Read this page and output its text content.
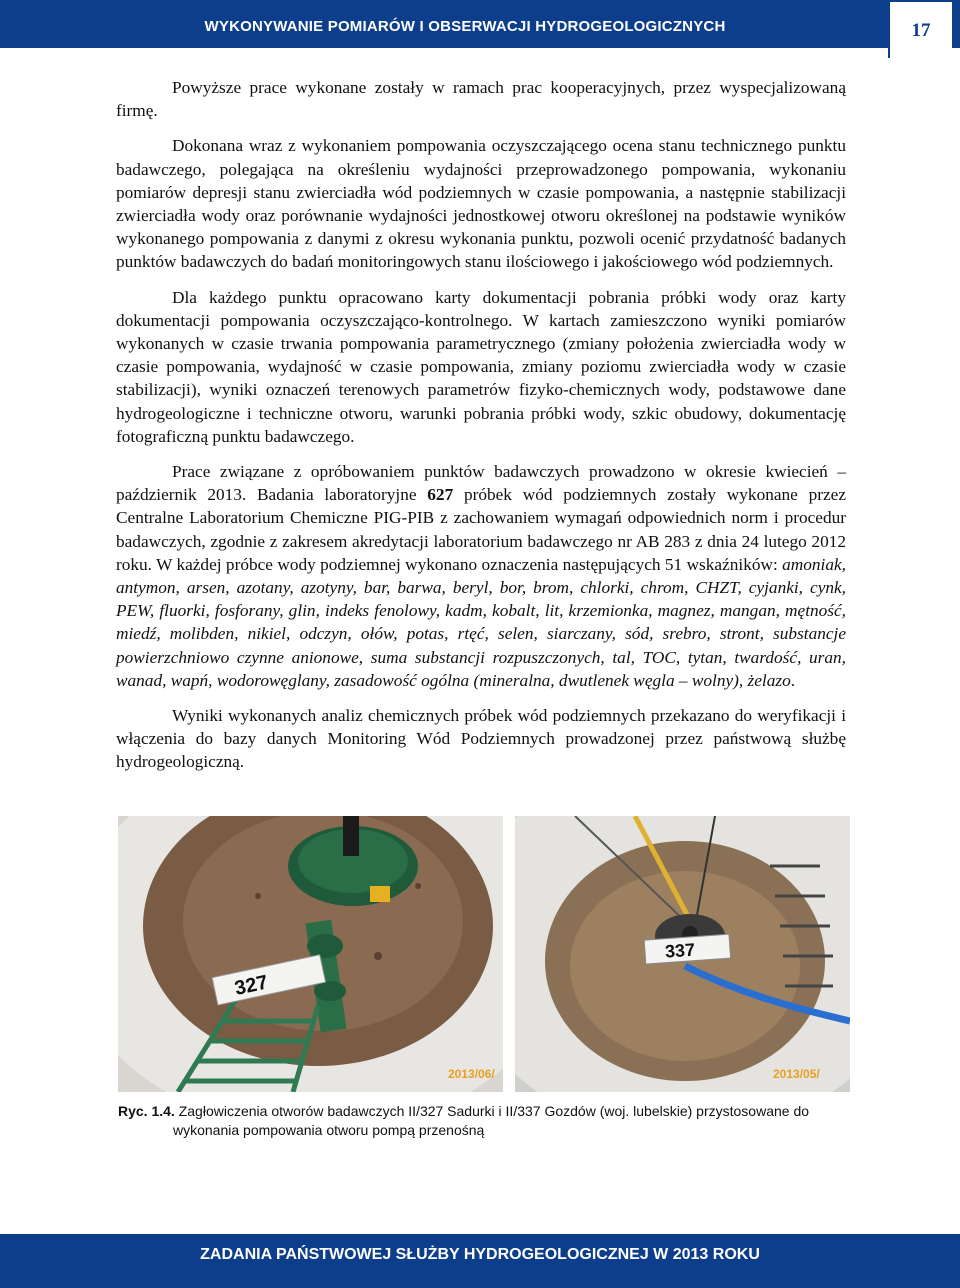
WYKONYWANIE POMIARÓW I OBSERWACJI HYDROGEOLOGICZNYCH	17

Powyższe prace wykonane zostały w ramach prac kooperacyjnych, przez wyspecjalizowaną firmę.

Dokonana wraz z wykonaniem pompowania oczyszczającego ocena stanu technicznego punktu badawczego, polegająca na określeniu wydajności przeprowadzonego pompowania, wykonaniu pomiarów depresji stanu zwierciadła wód podziemnych w czasie pompowania, a następnie stabilizacji zwierciadła wody oraz porównanie wydajności jednostkowej otworu określonej na podstawie wyników wykonanego pompowania z danymi z okresu wykonania punktu, pozwoli ocenić przydatność badanych punktów badawczych do badań monitoringowych stanu ilościowego i jakościowego wód podziemnych.

Dla każdego punktu opracowano karty dokumentacji pobrania próbki wody oraz karty dokumentacji pompowania oczyszczająco-kontrolnego. W kartach zamieszczono wyniki pomiarów wykonanych w czasie trwania pompowania parametrycznego (zmiany położenia zwierciadła wody w czasie pompowania, wydajność w czasie pompowania, zmiany poziomu zwierciadła wody w czasie stabilizacji), wyniki oznaczeń terenowych parametrów fizyko-chemicznych wody, podstawowe dane hydrogeologiczne i techniczne otworu, warunki pobrania próbki wody, szkic obudowy, dokumentację fotograficzną punktu badawczego.

Prace związane z opróbowaniem punktów badawczych prowadzono w okresie kwiecień – październik 2013. Badania laboratoryjne 627 próbek wód podziemnych zostały wykonane przez Centralne Laboratorium Chemiczne PIG-PIB z zachowaniem wymagań odpowiednich norm i procedur badawczych, zgodnie z zakresem akredytacji laboratorium badawczego nr AB 283 z dnia 24 lutego 2012 roku. W każdej próbce wody podziemnej wykonano oznaczenia następujących 51 wskaźników: amoniak, antymon, arsen, azotany, azotyny, bar, barwa, beryl, bor, brom, chlorki, chrom, CHZT, cyjanki, cynk, PEW, fluorki, fosforany, glin, indeks fenolowy, kadm, kobalt, lit, krzemionka, magnez, mangan, mętność, miedź, molibden, nikiel, odczyn, ołów, potas, rtęć, selen, siarczany, sód, srebro, stront, substancje powierzchniowo czynne anionowe, suma substancji rozpuszczonych, tal, TOC, tytan, twardość, uran, wanad, wapń, wodorowęglany, zasadowość ogólna (mineralna, dwutlenek węgla – wolny), żelazo.

Wyniki wykonanych analiz chemicznych próbek wód podziemnych przekazano do weryfikacji i włączenia do bazy danych Monitoring Wód Podziemnych prowadzonej przez państwową służbę hydrogeologiczną.

327
2013/06/
337
2013/05/
Ryc. 1.4. Zagłowiczenia otworów badawczych II/327 Sadurki i II/337 Gozdów (woj. lubelskie) przystosowane do
wykonania pompowania otworu pompą przenośną
ZADANIA PAŃSTWOWEJ SŁUŻBY HYDROGEOLOGICZNEJ W 2013 ROKU
